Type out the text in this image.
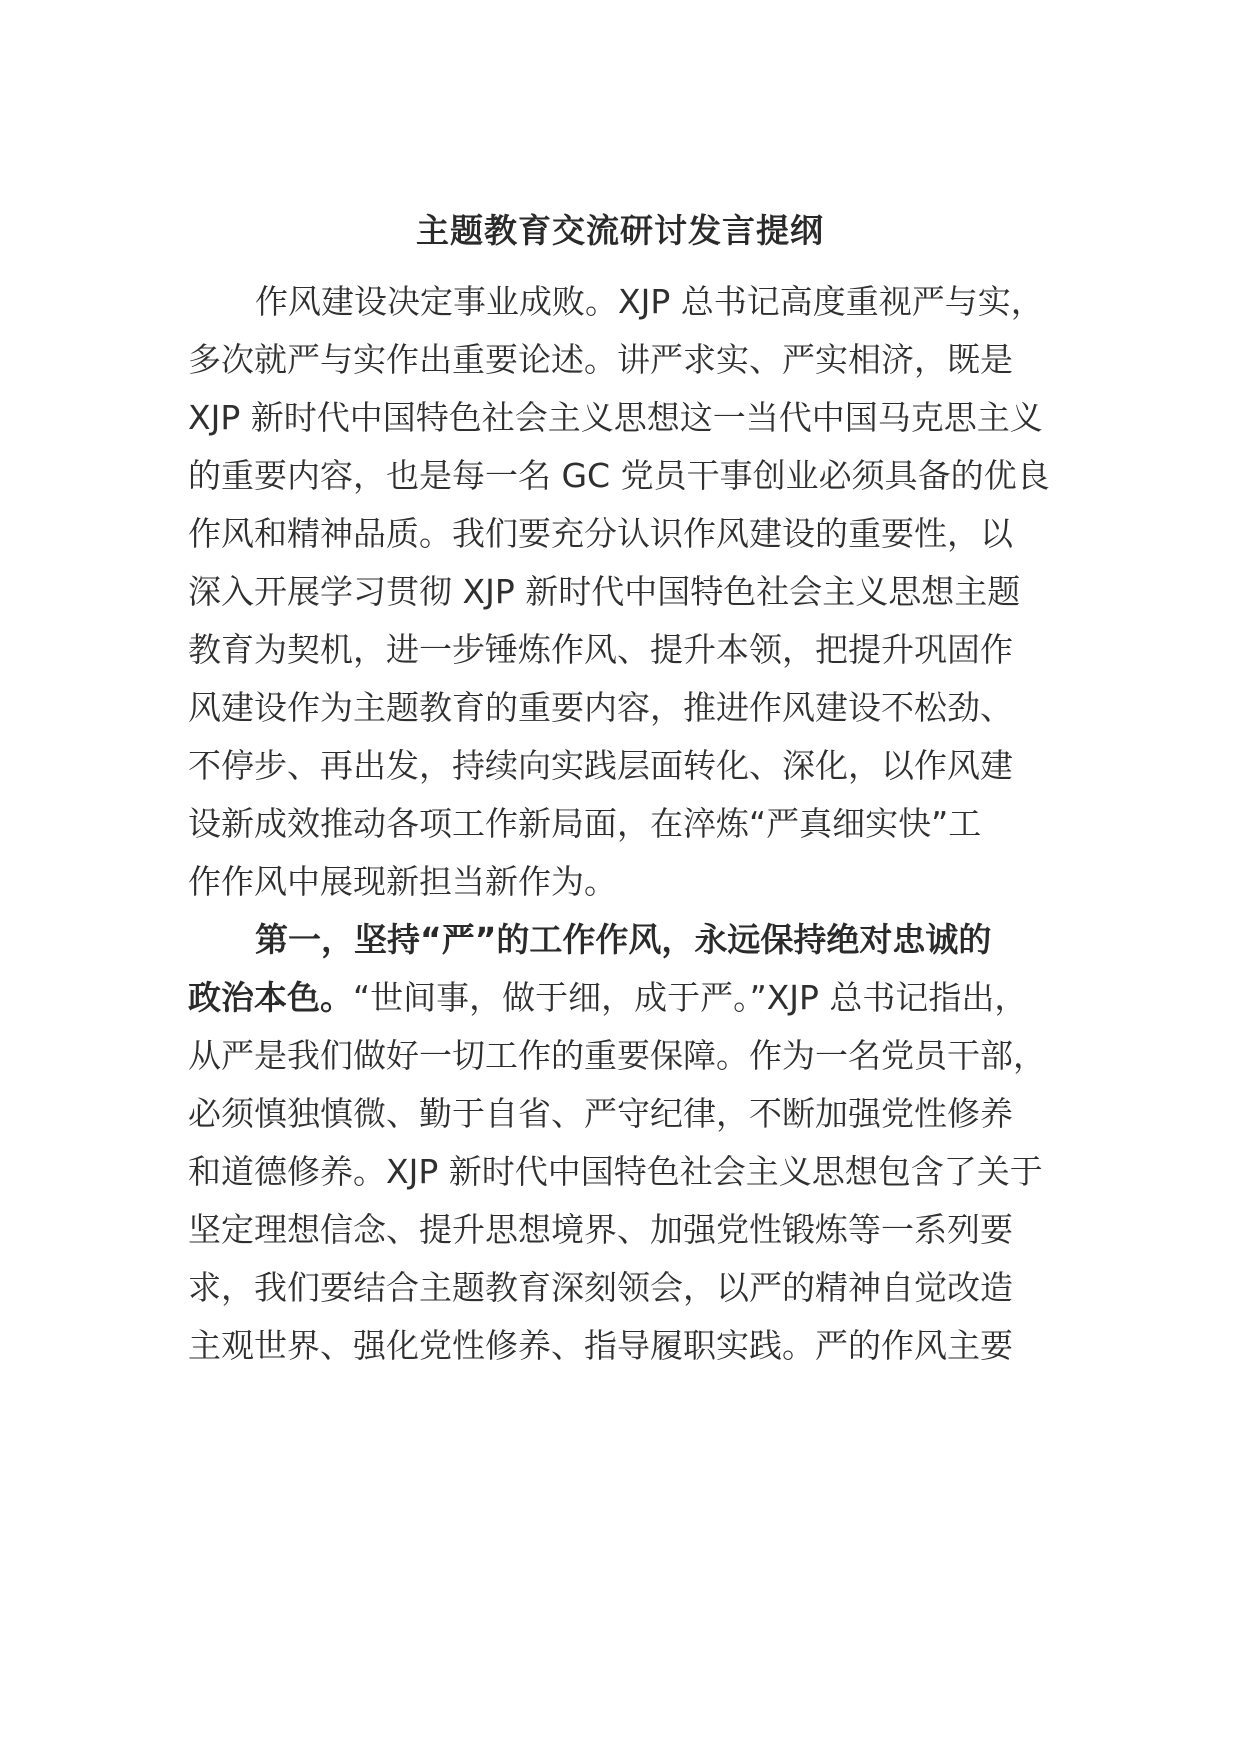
主题教育交流研讨发言提纲
作风建设决定事业成败。XJP 总书记高度重视严与实，
多次就严与实作出重要论述。讲严求实、严实相济，既是
XJP 新时代中国特色社会主义思想这一当代中国马克思主义
的重要内容，也是每一名 GC 党员干事创业必须具备的优良
作风和精神品质。我们要充分认识作风建设的重要性，以
深入开展学习贯彻 XJP 新时代中国特色社会主义思想主题
教育为契机，进一步锤炼作风、提升本领，把提升巩固作
风建设作为主题教育的重要内容，推进作风建设不松劲、
不停步、再出发，持续向实践层面转化、深化，以作风建
设新成效推动各项工作新局面，在淬炼“严真细实快”工
作作风中展现新担当新作为。
第一，坚持“严”的工作作风，永远保持绝对忠诚的
政治本色。“世间事，做于细，成于严。”XJP 总书记指出，
从严是我们做好一切工作的重要保障。作为一名党员干部，
必须慎独慎微、勤于自省、严守纪律，不断加强党性修养
和道德修养。XJP 新时代中国特色社会主义思想包含了关于
坚定理想信念、提升思想境界、加强党性锻炼等一系列要
求，我们要结合主题教育深刻领会，以严的精神自觉改造
主观世界、强化党性修养、指导履职实践。严的作风主要
